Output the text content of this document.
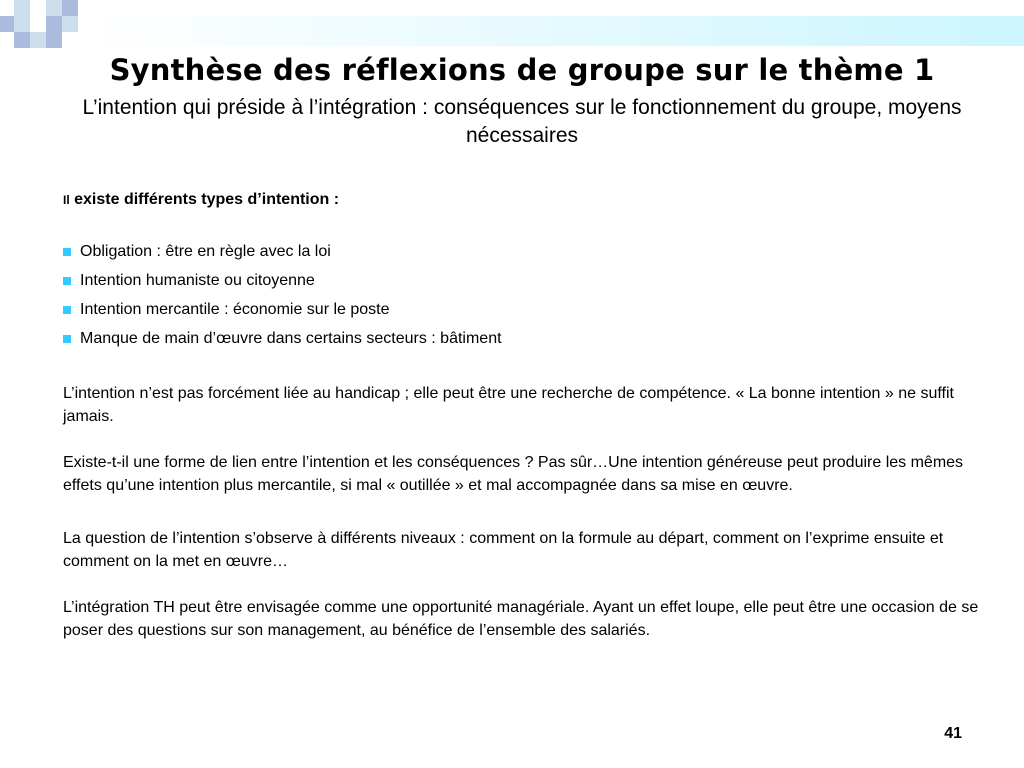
Synthèse des réflexions de groupe sur le thème 1

L’intention qui préside à l’intégration : conséquences sur le fonctionnement du groupe, moyens nécessaires

Il existe différents types d’intention :

Obligation : être en règle avec la loi
Intention humaniste ou citoyenne
Intention mercantile : économie sur le poste
Manque de main d’œuvre dans certains secteurs : bâtiment

L’intention n’est pas forcément liée au handicap ; elle peut être une recherche de compétence. « La bonne intention » ne suffit jamais.

Existe-t-il une forme de lien entre l’intention et les conséquences ? Pas sûr…Une intention généreuse peut produire les mêmes effets qu’une intention plus mercantile, si mal « outillée » et mal accompagnée dans sa mise en œuvre.

La question de l’intention s’observe à différents niveaux : comment on la formule au départ, comment on l’exprime ensuite et comment on la met en œuvre…

L’intégration TH peut être envisagée comme une opportunité managériale. Ayant un effet loupe, elle peut être une occasion de se poser des questions sur son management, au bénéfice de l’ensemble des salariés.

41
